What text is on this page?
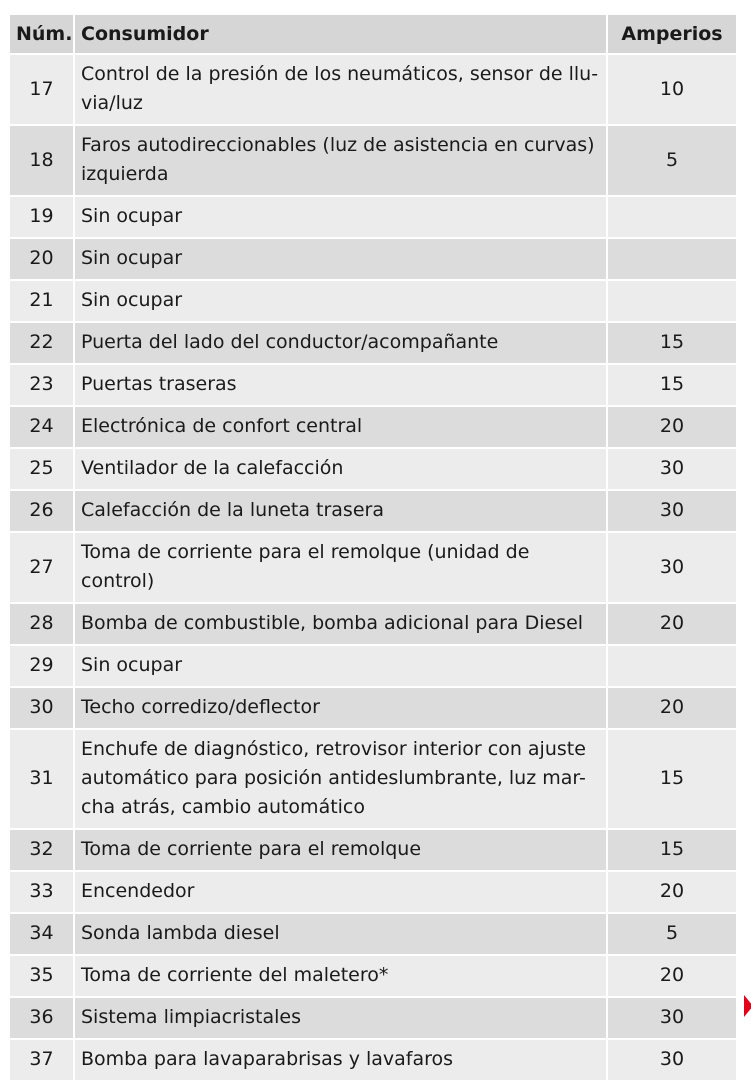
Núm.	Consumidor	Amperios
17	Control de la presión de los neumáticos, sensor de llu-via/luz	10
18	Faros autodireccionables (luz de asistencia en curvas) izquierda	5
19	Sin ocupar	
20	Sin ocupar	
21	Sin ocupar	
22	Puerta del lado del conductor/acompañante	15
23	Puertas traseras	15
24	Electrónica de confort central	20
25	Ventilador de la calefacción	30
26	Calefacción de la luneta trasera	30
27	Toma de corriente para el remolque (unidad de control)	30
28	Bomba de combustible, bomba adicional para Diesel	20
29	Sin ocupar	
30	Techo corredizo/deflector	20
31	Enchufe de diagnóstico, retrovisor interior con ajuste automático para posición antideslumbrante, luz mar-cha atrás, cambio automático	15
32	Toma de corriente para el remolque	15
33	Encendedor	20
34	Sonda lambda diesel	5
35	Toma de corriente del maletero*	20
36	Sistema limpiacristales	30
37	Bomba para lavaparabrisas y lavafaros	30
